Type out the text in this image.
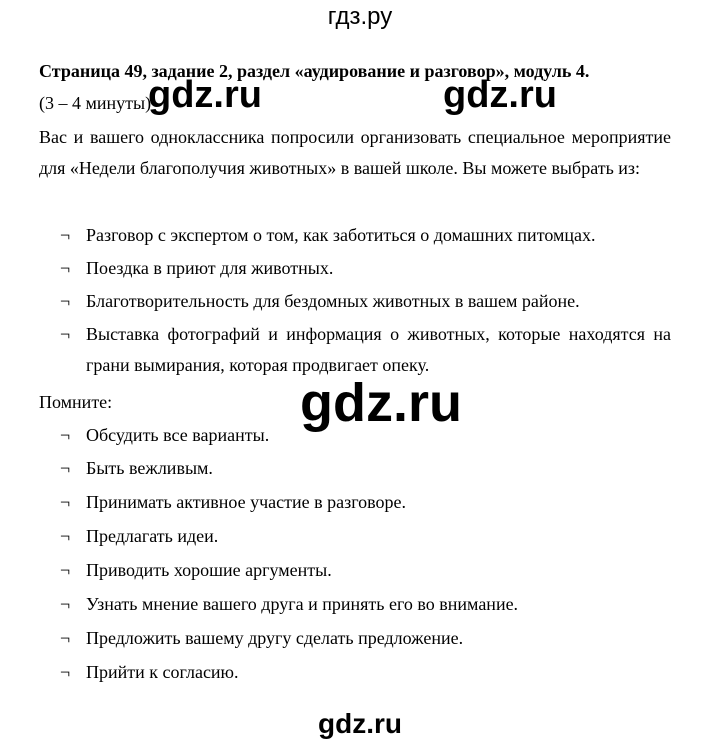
гдз.ру
Страница 49, задание 2, раздел «аудирование и разговор», модуль 4.
(3 – 4 минуты)
Вас и вашего одноклассника попросили организовать специальное мероприятие для «Недели благополучия животных» в вашей школе. Вы можете выбрать из:
¬ Разговор с экспертом о том, как заботиться о домашних питомцах.
¬ Поездка в приют для животных.
¬ Благотворительность для бездомных животных в вашем районе.
¬ Выставка фотографий и информация о животных, которые находятся на грани вымирания, которая продвигает опеку.
Помните:
¬ Обсудить все варианты.
¬ Быть вежливым.
¬ Принимать активное участие в разговоре.
¬ Предлагать идеи.
¬ Приводить хорошие аргументы.
¬ Узнать мнение вашего друга и принять его во внимание.
¬ Предложить вашему другу сделать предложение.
¬ Прийти к согласию.
gdz.ru	gdz.ru
gdz.ru
gdz.ru
